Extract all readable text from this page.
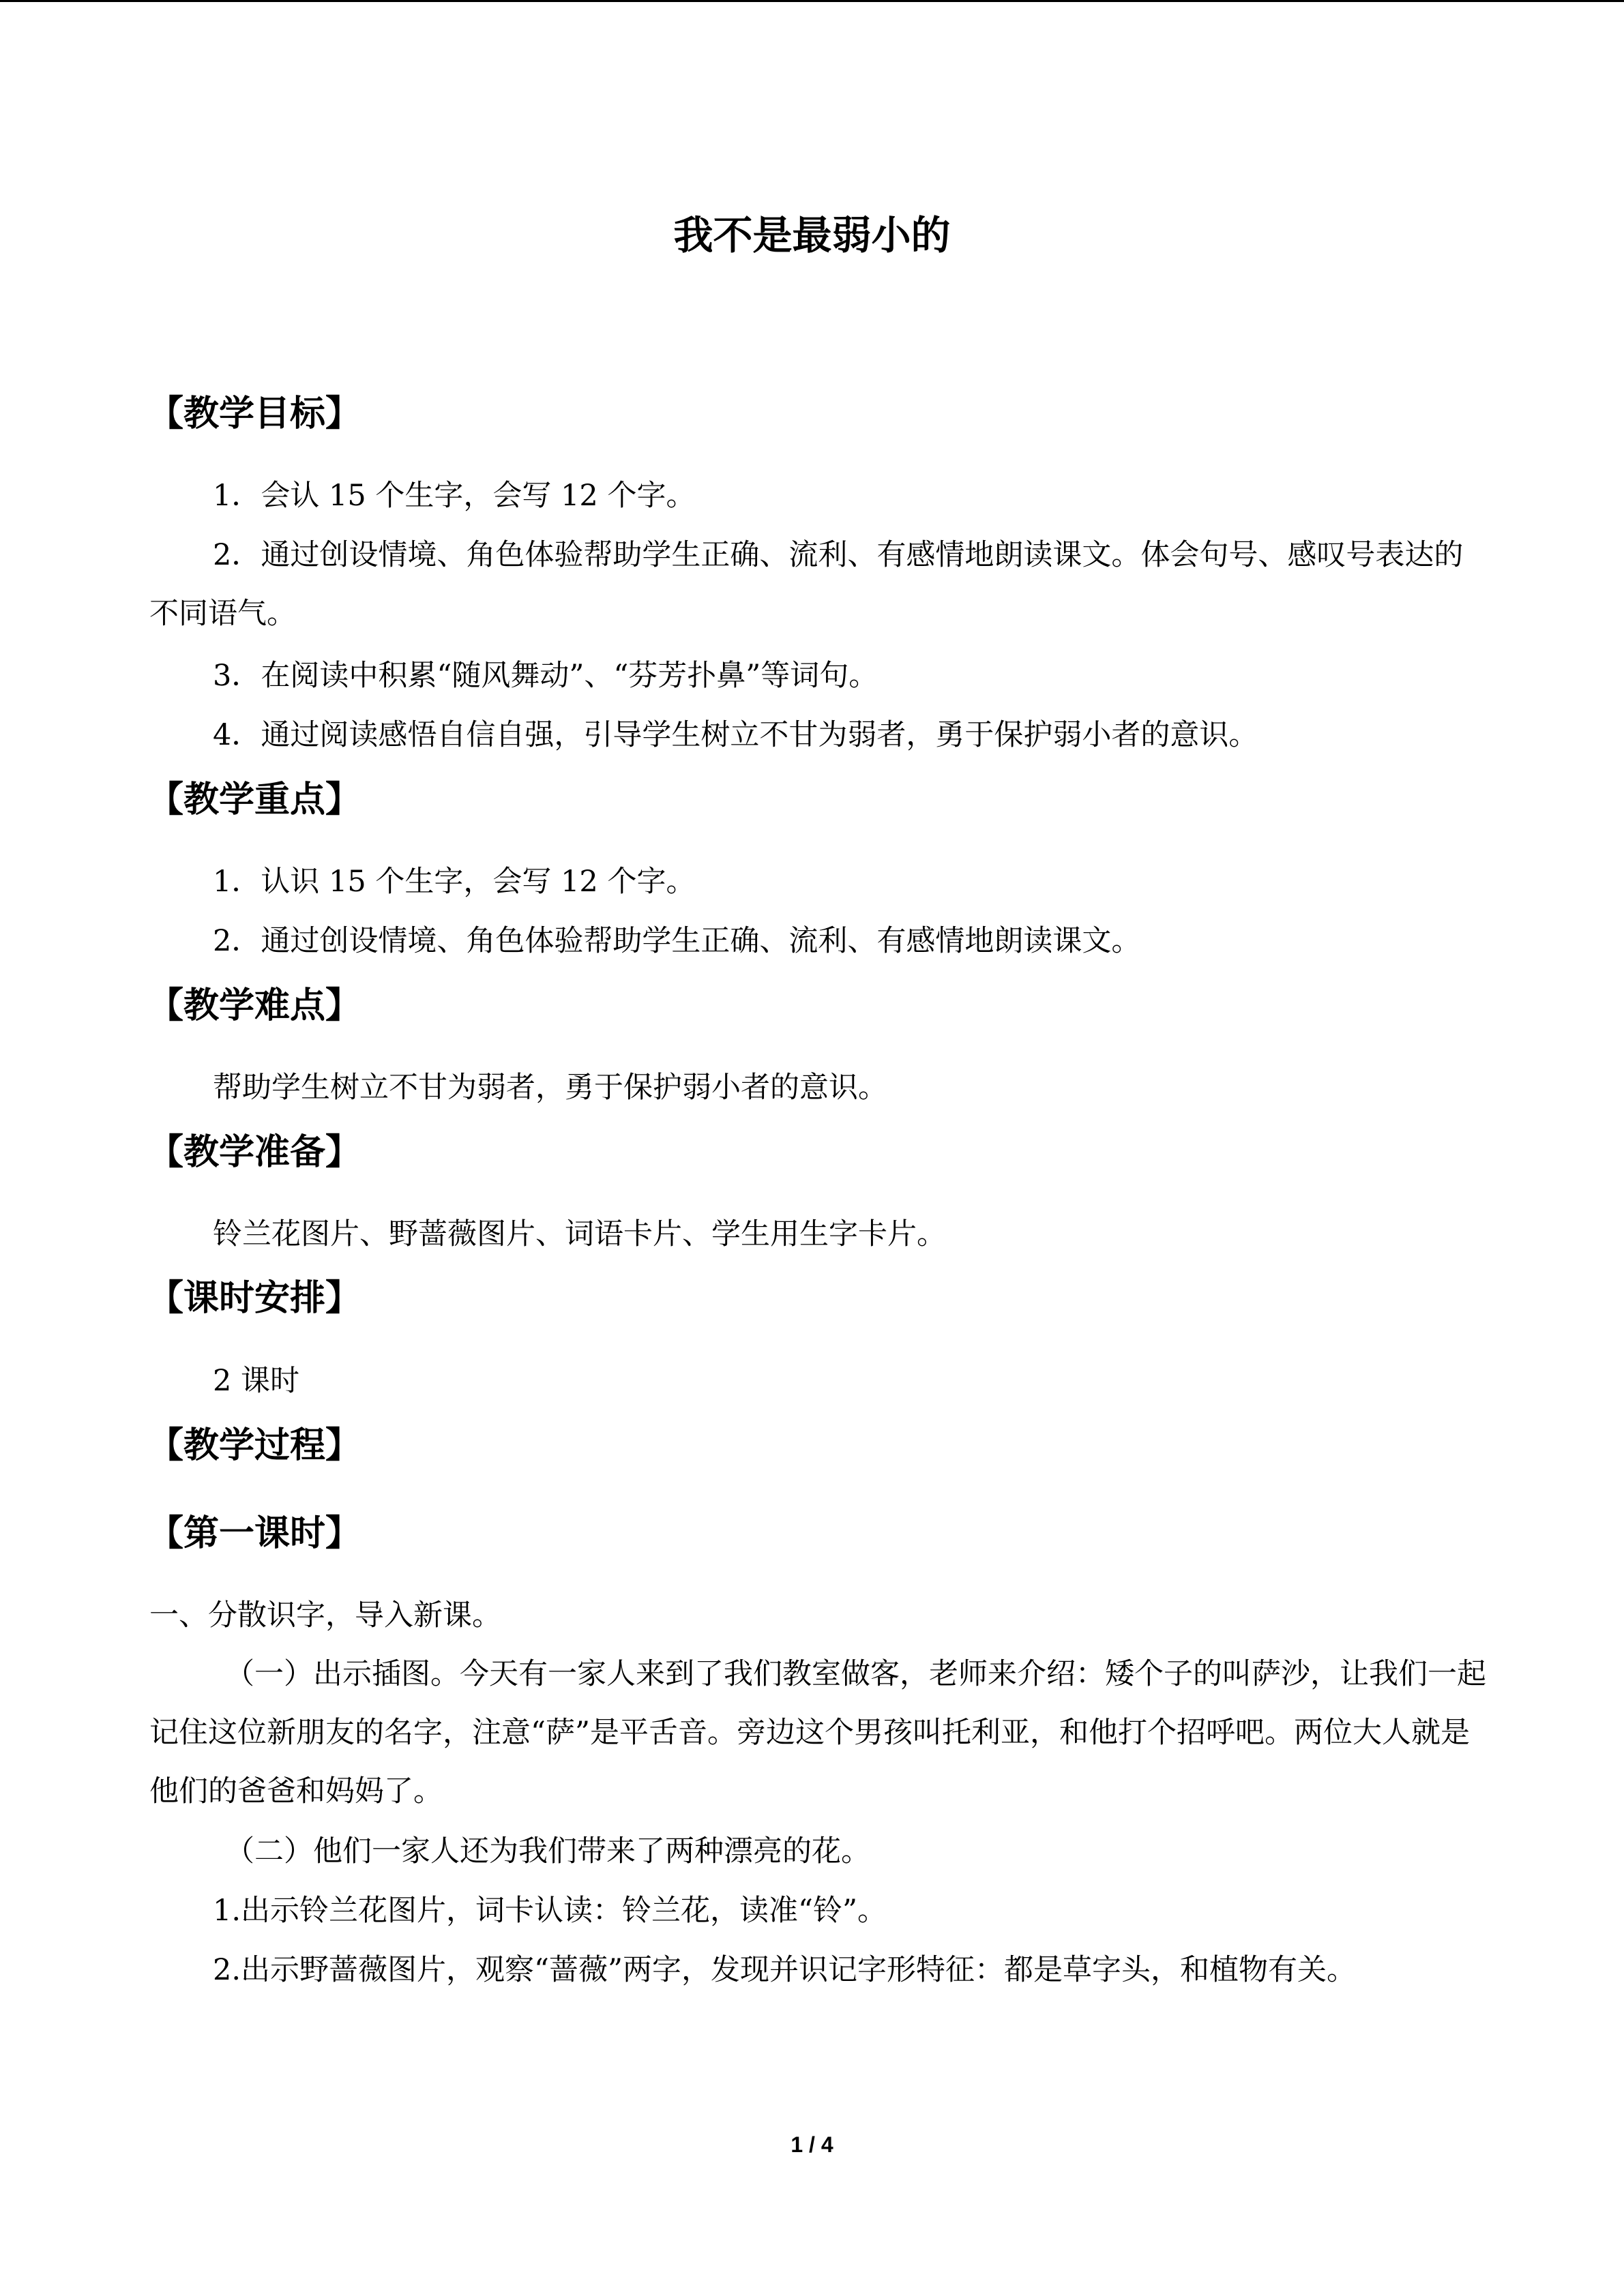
我不是最弱小的
【教学目标】
1．会认 15 个生字，会写 12 个字。
2．通过创设情境、角色体验帮助学生正确、流利、有感情地朗读课文。体会句号、感叹号表达的不同语气。
3．在阅读中积累“随风舞动”、“芬芳扑鼻”等词句。
4．通过阅读感悟自信自强，引导学生树立不甘为弱者，勇于保护弱小者的意识。
【教学重点】
1．认识 15 个生字，会写 12 个字。
2．通过创设情境、角色体验帮助学生正确、流利、有感情地朗读课文。
【教学难点】
帮助学生树立不甘为弱者，勇于保护弱小者的意识。
【教学准备】
铃兰花图片、野蔷薇图片、词语卡片、学生用生字卡片。
【课时安排】
2 课时
【教学过程】
【第一课时】
一、分散识字，导入新课。
（一）出示插图。今天有一家人来到了我们教室做客，老师来介绍：矮个子的叫萨沙，让我们一起记住这位新朋友的名字，注意“萨”是平舌音。旁边这个男孩叫托利亚，和他打个招呼吧。两位大人就是他们的爸爸和妈妈了。
（二）他们一家人还为我们带来了两种漂亮的花。
1.出示铃兰花图片，词卡认读：铃兰花，读准“铃”。
2.出示野蔷薇图片，观察“蔷薇”两字，发现并识记字形特征：都是草字头，和植物有关。
1 / 4
